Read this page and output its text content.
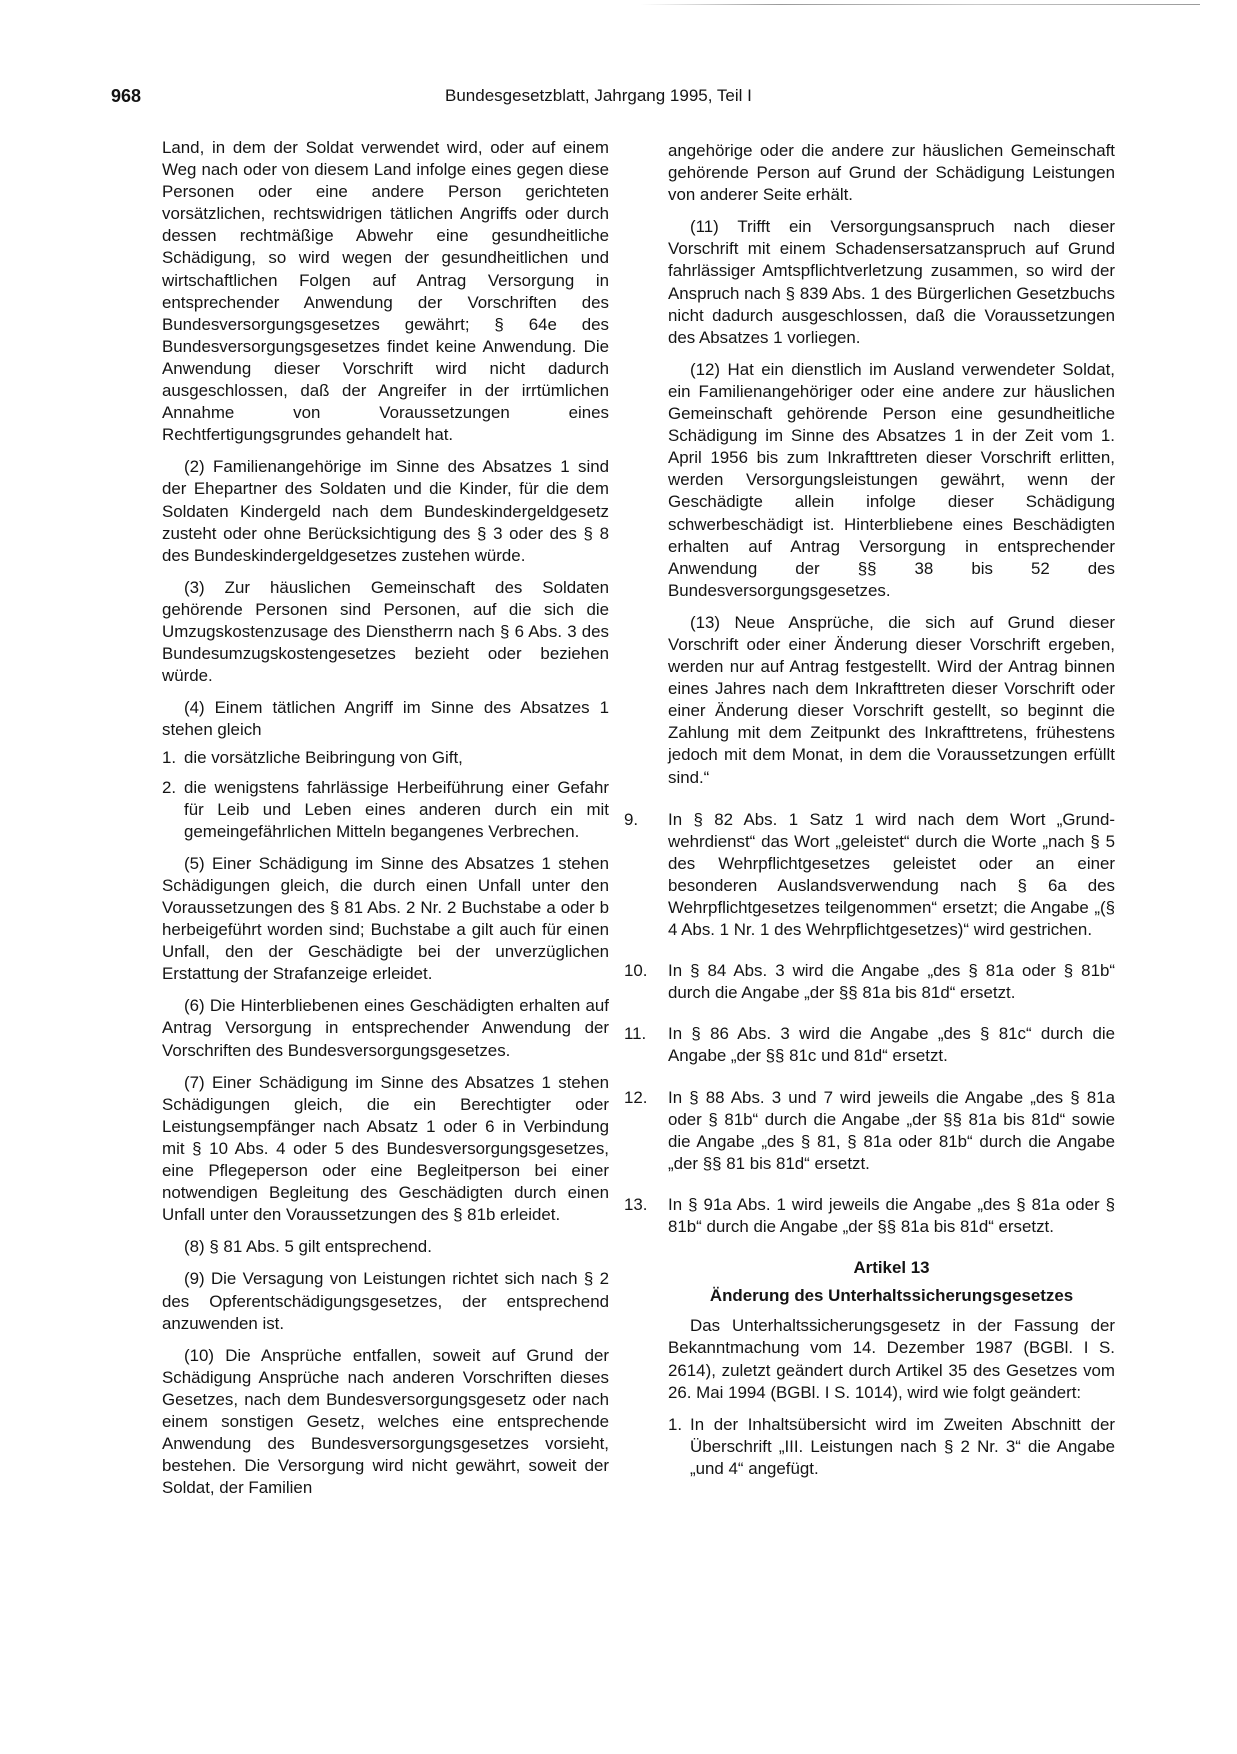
968	Bundesgesetzblatt, Jahrgang 1995, Teil I

Land, in dem der Soldat verwendet wird, oder auf einem Weg nach oder von diesem Land infolge eines gegen diese Personen oder eine andere Person gerichteten vorsätzlichen, rechtswidrigen tätlichen Angriffs oder durch dessen rechtmäßige Abwehr eine gesundheitliche Schädigung, so wird wegen der gesundheitlichen und wirtschaftlichen Folgen auf Antrag Versorgung in entsprechender Anwendung der Vorschriften des Bundesversorgungsgesetzes gewährt; § 64e des Bundesversorgungsgesetzes findet keine Anwendung. Die Anwendung dieser Vorschrift wird nicht dadurch ausgeschlossen, daß der Angreifer in der irrtümlichen Annahme von Voraussetzungen eines Rechtfertigungsgrundes gehandelt hat.

(2) Familienangehörige im Sinne des Absatzes 1 sind der Ehepartner des Soldaten und die Kinder, für die dem Soldaten Kindergeld nach dem Bundeskindergeldgesetz zusteht oder ohne Berücksichtigung des § 3 oder des § 8 des Bundeskindergeldgesetzes zustehen würde.

(3) Zur häuslichen Gemeinschaft des Soldaten gehörende Personen sind Personen, auf die sich die Umzugskostenzusage des Dienstherrn nach § 6 Abs. 3 des Bundesumzugskostengesetzes bezieht oder beziehen würde.

(4) Einem tätlichen Angriff im Sinne des Absatzes 1 stehen gleich

1. die vorsätzliche Beibringung von Gift,
2. die wenigstens fahrlässige Herbeiführung einer Gefahr für Leib und Leben eines anderen durch ein mit gemeingefährlichen Mitteln begangenes Verbrechen.

(5) Einer Schädigung im Sinne des Absatzes 1 stehen Schädigungen gleich, die durch einen Unfall unter den Voraussetzungen des § 81 Abs. 2 Nr. 2 Buchstabe a oder b herbeigeführt worden sind; Buchstabe a gilt auch für einen Unfall, den der Geschädigte bei der unverzüglichen Erstattung der Strafanzeige erleidet.

(6) Die Hinterbliebenen eines Geschädigten erhalten auf Antrag Versorgung in entsprechender Anwendung der Vorschriften des Bundesversorgungsgesetzes.

(7) Einer Schädigung im Sinne des Absatzes 1 stehen Schädigungen gleich, die ein Berechtigter oder Leistungsempfänger nach Absatz 1 oder 6 in Verbindung mit § 10 Abs. 4 oder 5 des Bundesversorgungsgesetzes, eine Pflegeperson oder eine Begleitperson bei einer notwendigen Begleitung des Geschädigten durch einen Unfall unter den Voraussetzungen des § 81b erleidet.

(8) § 81 Abs. 5 gilt entsprechend.

(9) Die Versagung von Leistungen richtet sich nach § 2 des Opferentschädigungsgesetzes, der entsprechend anzuwenden ist.

(10) Die Ansprüche entfallen, soweit auf Grund der Schädigung Ansprüche nach anderen Vorschriften dieses Gesetzes, nach dem Bundesversorgungsgesetz oder nach einem sonstigen Gesetz, welches eine entsprechende Anwendung des Bundesversorgungsgesetzes vorsieht, bestehen. Die Versorgung wird nicht gewährt, soweit der Soldat, der Familien

angehörige oder die andere zur häuslichen Gemeinschaft gehörende Person auf Grund der Schädigung Leistungen von anderer Seite erhält.

(11) Trifft ein Versorgungsanspruch nach dieser Vorschrift mit einem Schadensersatzanspruch auf Grund fahrlässiger Amtspflichtverletzung zusammen, so wird der Anspruch nach § 839 Abs. 1 des Bürgerlichen Gesetzbuchs nicht dadurch ausgeschlossen, daß die Voraussetzungen des Absatzes 1 vorliegen.

(12) Hat ein dienstlich im Ausland verwendeter Soldat, ein Familienangehöriger oder eine andere zur häuslichen Gemeinschaft gehörende Person eine gesundheitliche Schädigung im Sinne des Absatzes 1 in der Zeit vom 1. April 1956 bis zum Inkrafttreten dieser Vorschrift erlitten, werden Versorgungsleistungen gewährt, wenn der Geschädigte allein infolge dieser Schädigung schwerbeschädigt ist. Hinterbliebene eines Beschädigten erhalten auf Antrag Versorgung in entsprechender Anwendung der §§ 38 bis 52 des Bundesversorgungsgesetzes.

(13) Neue Ansprüche, die sich auf Grund dieser Vorschrift oder einer Änderung dieser Vorschrift ergeben, werden nur auf Antrag festgestellt. Wird der Antrag binnen eines Jahres nach dem Inkrafttreten dieser Vorschrift oder einer Änderung dieser Vorschrift gestellt, so beginnt die Zahlung mit dem Zeitpunkt des Inkrafttretens, frühestens jedoch mit dem Monat, in dem die Voraussetzungen erfüllt sind.“

9.	In § 82 Abs. 1 Satz 1 wird nach dem Wort „Grundwehrdienst“ das Wort „geleistet“ durch die Worte „nach § 5 des Wehrpflichtgesetzes geleistet oder an einer besonderen Auslandsverwendung nach § 6a des Wehrpflichtgesetzes teilgenommen“ ersetzt; die Angabe „(§ 4 Abs. 1 Nr. 1 des Wehrpflichtgesetzes)“ wird gestrichen.
10.	In § 84 Abs. 3 wird die Angabe „des § 81a oder § 81b“ durch die Angabe „der §§ 81a bis 81d“ ersetzt.
11.	In § 86 Abs. 3 wird die Angabe „des § 81c“ durch die Angabe „der §§ 81c und 81d“ ersetzt.
12.	In § 88 Abs. 3 und 7 wird jeweils die Angabe „des § 81a oder § 81b“ durch die Angabe „der §§ 81a bis 81d“ sowie die Angabe „des § 81, § 81a oder 81b“ durch die Angabe „der §§ 81 bis 81d“ ersetzt.
13.	In § 91a Abs. 1 wird jeweils die Angabe „des § 81a oder § 81b“ durch die Angabe „der §§ 81a bis 81d“ ersetzt.
Artikel 13
Änderung des Unterhaltssicherungsgesetzes

Das Unterhaltssicherungsgesetz in der Fassung der Bekanntmachung vom 14. Dezember 1987 (BGBl. I S. 2614), zuletzt geändert durch Artikel 35 des Gesetzes vom 26. Mai 1994 (BGBl. I S. 1014), wird wie folgt geändert:

1. In der Inhaltsübersicht wird im Zweiten Abschnitt der Überschrift „III. Leistungen nach § 2 Nr. 3“ die Angabe „und 4“ angefügt.
